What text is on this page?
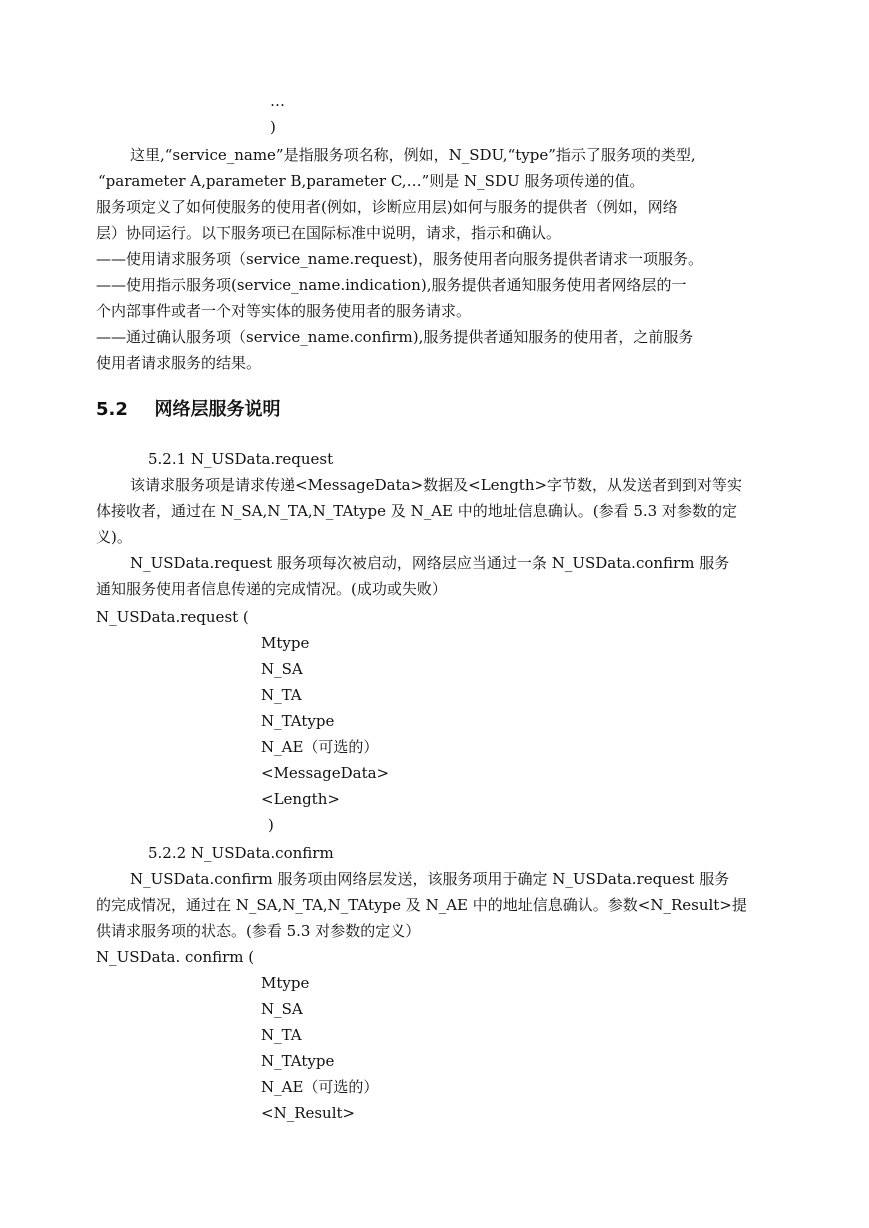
…
)
这里,“service_name”是指服务项名称，例如，N_SDU,“type”指示了服务项的类型,
“parameter A,parameter B,parameter C,…”则是 N_SDU 服务项传递的值。
服务项定义了如何使服务的使用者(例如，诊断应用层)如何与服务的提供者（例如，网络
层）协同运行。以下服务项已在国际标准中说明，请求，指示和确认。
——使用请求服务项（service_name.request)，服务使用者向服务提供者请求一项服务。
——使用指示服务项(service_name.indication),服务提供者通知服务使用者网络层的一
个内部事件或者一个对等实体的服务使用者的服务请求。
——通过确认服务项（service_name.confirm),服务提供者通知服务的使用者，之前服务
使用者请求服务的结果。
5.2 网络层服务说明
5.2.1 N_USData.request
该请求服务项是请求传递<MessageData>数据及<Length>字节数，从发送者到到对等实
体接收者，通过在 N_SA,N_TA,N_TAtype 及 N_AE 中的地址信息确认。(参看 5.3 对参数的定
义)。
N_USData.request 服务项每次被启动，网络层应当通过一条 N_USData.confirm 服务
通知服务使用者信息传递的完成情况。(成功或失败）
N_USData.request (
Mtype
N_SA
N_TA
N_TAtype
N_AE（可选的）
<MessageData>
<Length>
)
5.2.2 N_USData.confirm
N_USData.confirm 服务项由网络层发送，该服务项用于确定 N_USData.request 服务
的完成情况，通过在 N_SA,N_TA,N_TAtype 及 N_AE 中的地址信息确认。参数<N_Result>提
供请求服务项的状态。(参看 5.3 对参数的定义）
N_USData. confirm (
Mtype
N_SA
N_TA
N_TAtype
N_AE（可选的）
<N_Result>
